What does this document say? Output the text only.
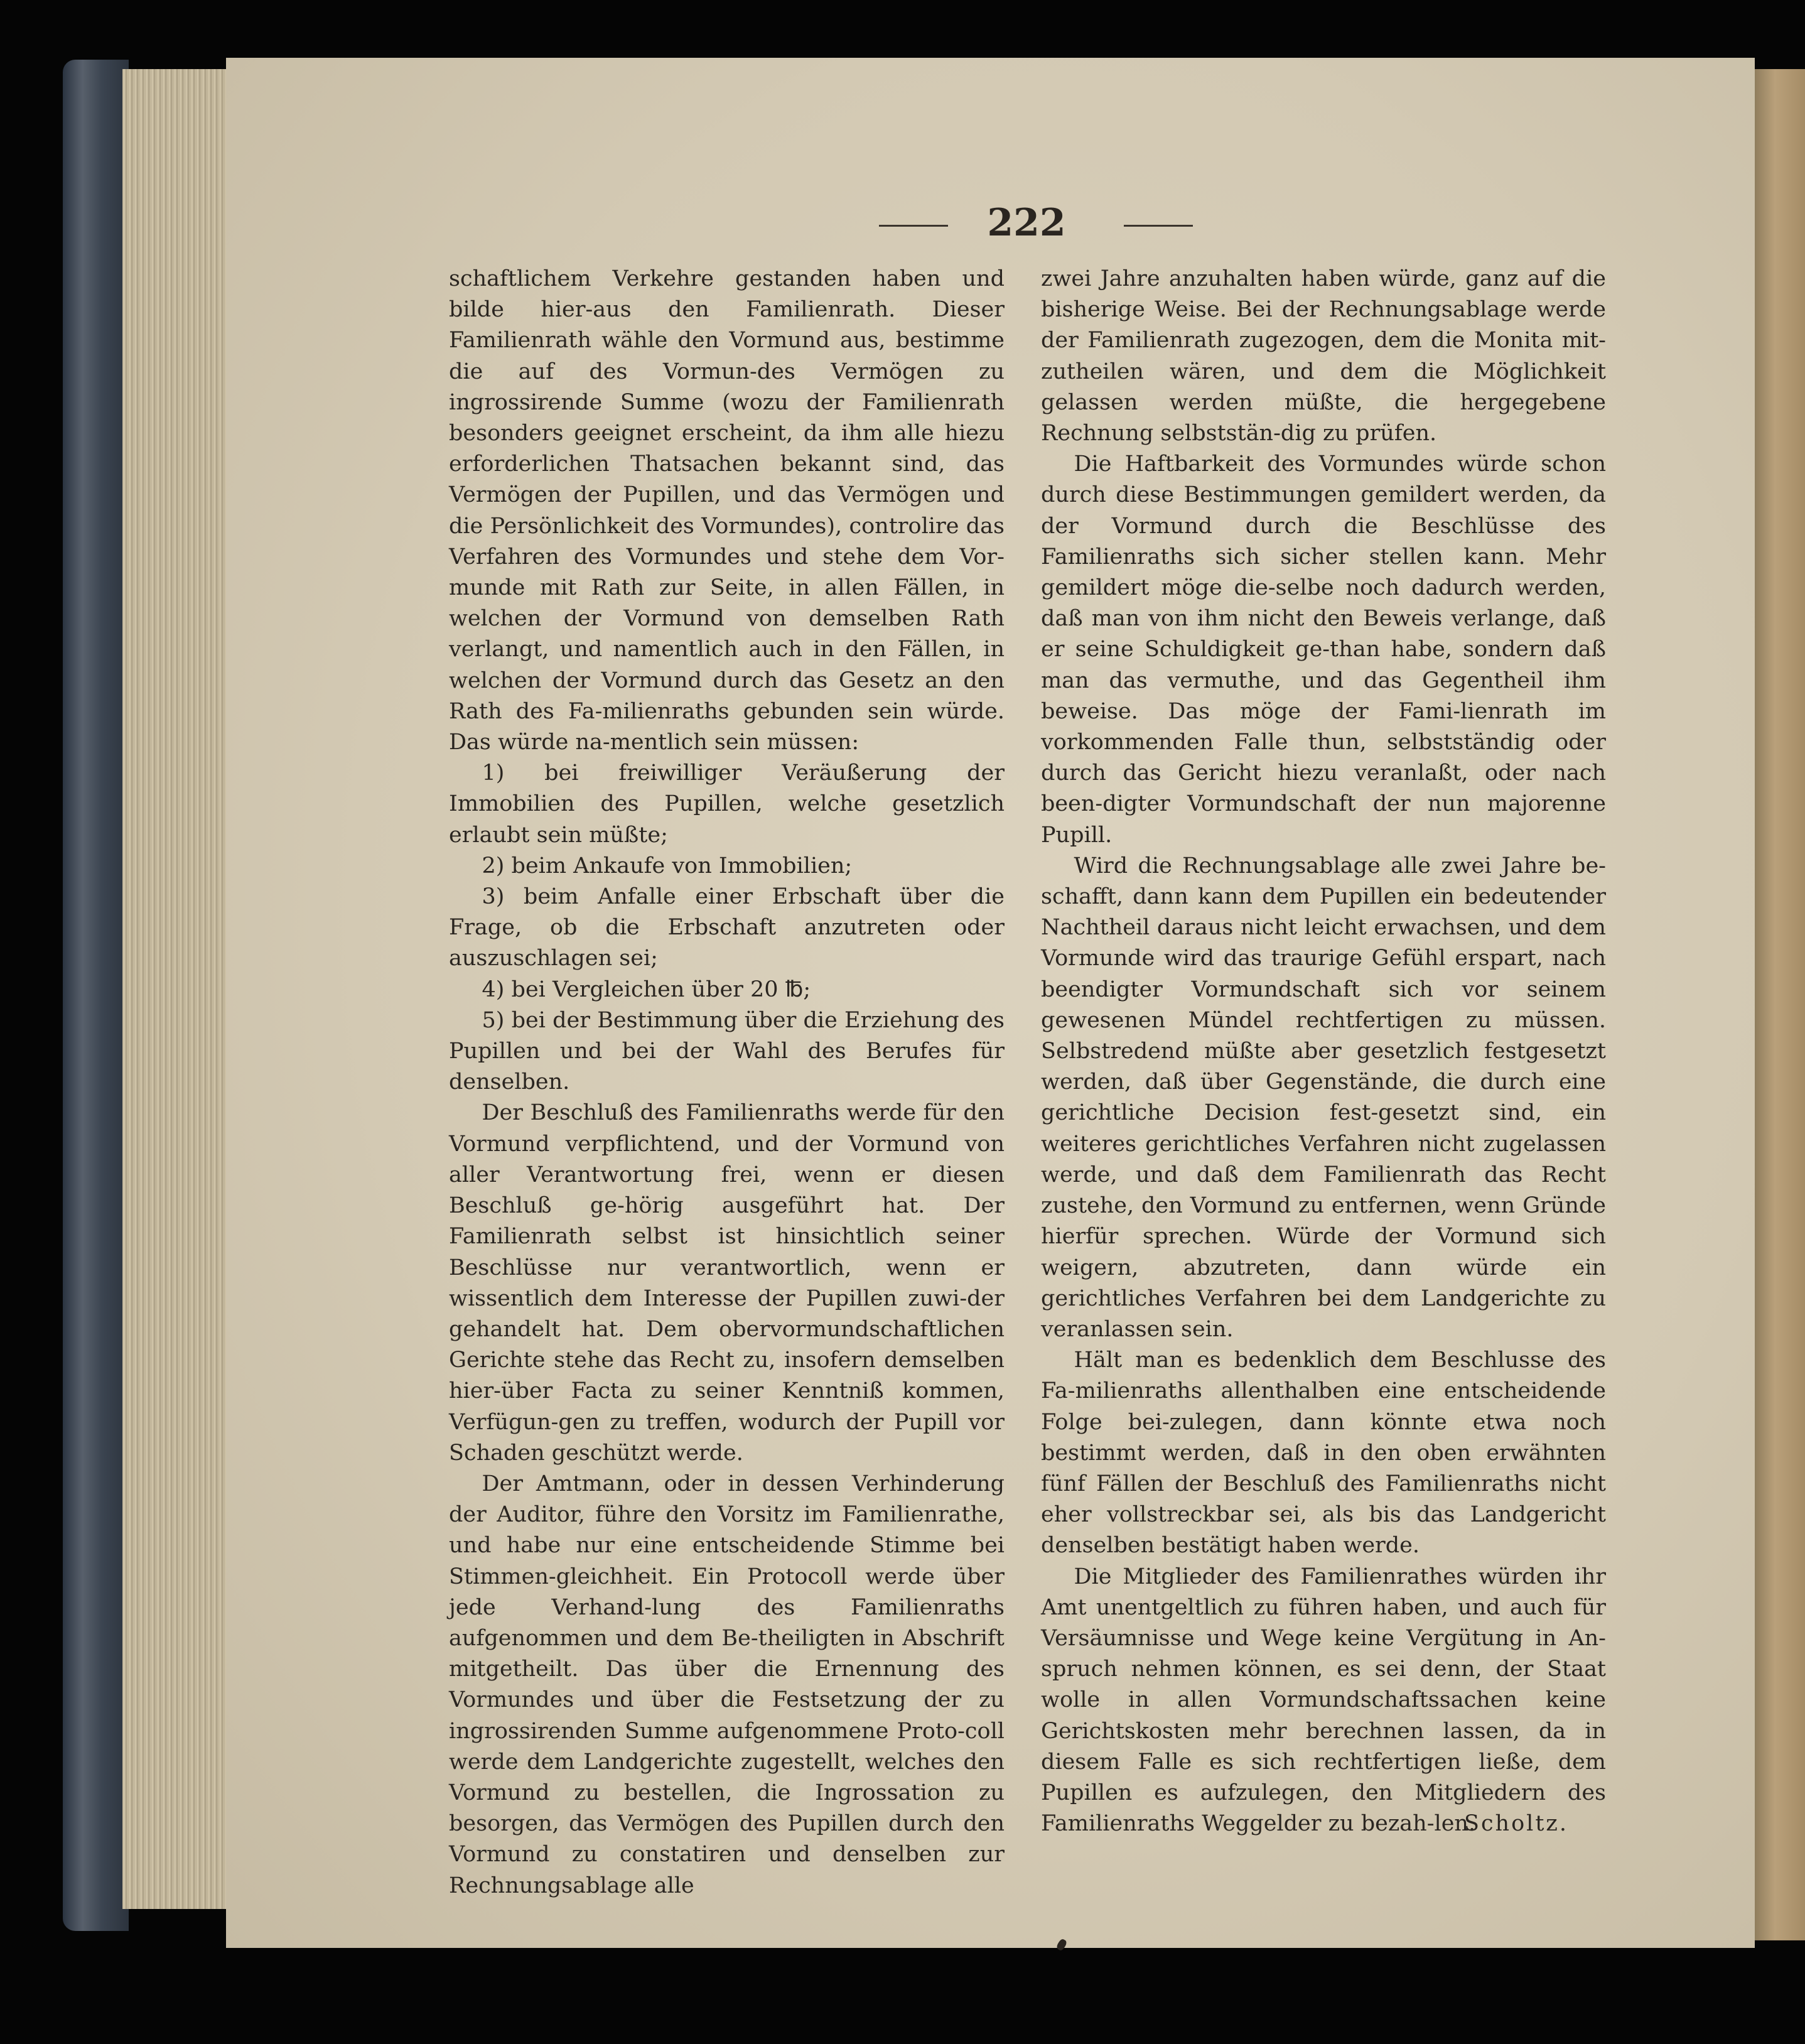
222

schaftlichem Verkehre gestanden haben und bilde hier-aus den Familienrath. Dieser Familienrath wähle den Vormund aus, bestimme die auf des Vormun-des Vermögen zu ingrossirende Summe (wozu der Familienrath besonders geeignet erscheint, da ihm alle hiezu erforderlichen Thatsachen bekannt sind, das Vermögen der Pupillen, und das Vermögen und die Persönlichkeit des Vormundes), controlire das Verfahren des Vormundes und stehe dem Vor-munde mit Rath zur Seite, in allen Fällen, in welchen der Vormund von demselben Rath verlangt, und namentlich auch in den Fällen, in welchen der Vormund durch das Gesetz an den Rath des Fa-milienraths gebunden sein würde. Das würde na-mentlich sein müssen:

1) bei freiwilliger Veräußerung der Immobilien des Pupillen, welche gesetzlich erlaubt sein müßte;

2) beim Ankaufe von Immobilien;

3) beim Anfalle einer Erbschaft über die Frage, ob die Erbschaft anzutreten oder auszuschlagen sei;

4) bei Vergleichen über 20 ℔;

5) bei der Bestimmung über die Erziehung des Pupillen und bei der Wahl des Berufes für denselben.

Der Beschluß des Familienraths werde für den Vormund verpflichtend, und der Vormund von aller Verantwortung frei, wenn er diesen Beschluß ge-hörig ausgeführt hat. Der Familienrath selbst ist hinsichtlich seiner Beschlüsse nur verantwortlich, wenn er wissentlich dem Interesse der Pupillen zuwi-der gehandelt hat. Dem obervormundschaftlichen Gerichte stehe das Recht zu, insofern demselben hier-über Facta zu seiner Kenntniß kommen, Verfügun-gen zu treffen, wodurch der Pupill vor Schaden geschützt werde.

Der Amtmann, oder in dessen Verhinderung der Auditor, führe den Vorsitz im Familienrathe, und habe nur eine entscheidende Stimme bei Stimmen-gleichheit. Ein Protocoll werde über jede Verhand-lung des Familienraths aufgenommen und dem Be-theiligten in Abschrift mitgetheilt. Das über die Ernennung des Vormundes und über die Festsetzung der zu ingrossirenden Summe aufgenommene Proto-coll werde dem Landgerichte zugestellt, welches den Vormund zu bestellen, die Ingrossation zu besorgen, das Vermögen des Pupillen durch den Vormund zu constatiren und denselben zur Rechnungsablage alle

zwei Jahre anzuhalten haben würde, ganz auf die bisherige Weise. Bei der Rechnungsablage werde der Familienrath zugezogen, dem die Monita mit-zutheilen wären, und dem die Möglichkeit gelassen werden müßte, die hergegebene Rechnung selbststän-dig zu prüfen.

Die Haftbarkeit des Vormundes würde schon durch diese Bestimmungen gemildert werden, da der Vormund durch die Beschlüsse des Familienraths sich sicher stellen kann. Mehr gemildert möge die-selbe noch dadurch werden, daß man von ihm nicht den Beweis verlange, daß er seine Schuldigkeit ge-than habe, sondern daß man das vermuthe, und das Gegentheil ihm beweise. Das möge der Fami-lienrath im vorkommenden Falle thun, selbstständig oder durch das Gericht hiezu veranlaßt, oder nach been-digter Vormundschaft der nun majorenne Pupill.

Wird die Rechnungsablage alle zwei Jahre be-schafft, dann kann dem Pupillen ein bedeutender Nachtheil daraus nicht leicht erwachsen, und dem Vormunde wird das traurige Gefühl erspart, nach beendigter Vormundschaft sich vor seinem gewesenen Mündel rechtfertigen zu müssen. Selbstredend müßte aber gesetzlich festgesetzt werden, daß über Gegenstände, die durch eine gerichtliche Decision fest-gesetzt sind, ein weiteres gerichtliches Verfahren nicht zugelassen werde, und daß dem Familienrath das Recht zustehe, den Vormund zu entfernen, wenn Gründe hierfür sprechen. Würde der Vormund sich weigern, abzutreten, dann würde ein gerichtliches Verfahren bei dem Landgerichte zu veranlassen sein.

Hält man es bedenklich dem Beschlusse des Fa-milienraths allenthalben eine entscheidende Folge bei-zulegen, dann könnte etwa noch bestimmt werden, daß in den oben erwähnten fünf Fällen der Beschluß des Familienraths nicht eher vollstreckbar sei, als bis das Landgericht denselben bestätigt haben werde.

Die Mitglieder des Familienrathes würden ihr Amt unentgeltlich zu führen haben, und auch für Versäumnisse und Wege keine Vergütung in An-spruch nehmen können, es sei denn, der Staat wolle in allen Vormundschaftssachen keine Gerichtskosten mehr berechnen lassen, da in diesem Falle es sich rechtfertigen ließe, dem Pupillen es aufzulegen, den Mitgliedern des Familienraths Weggelder zu bezah-len.

Scholtz.
